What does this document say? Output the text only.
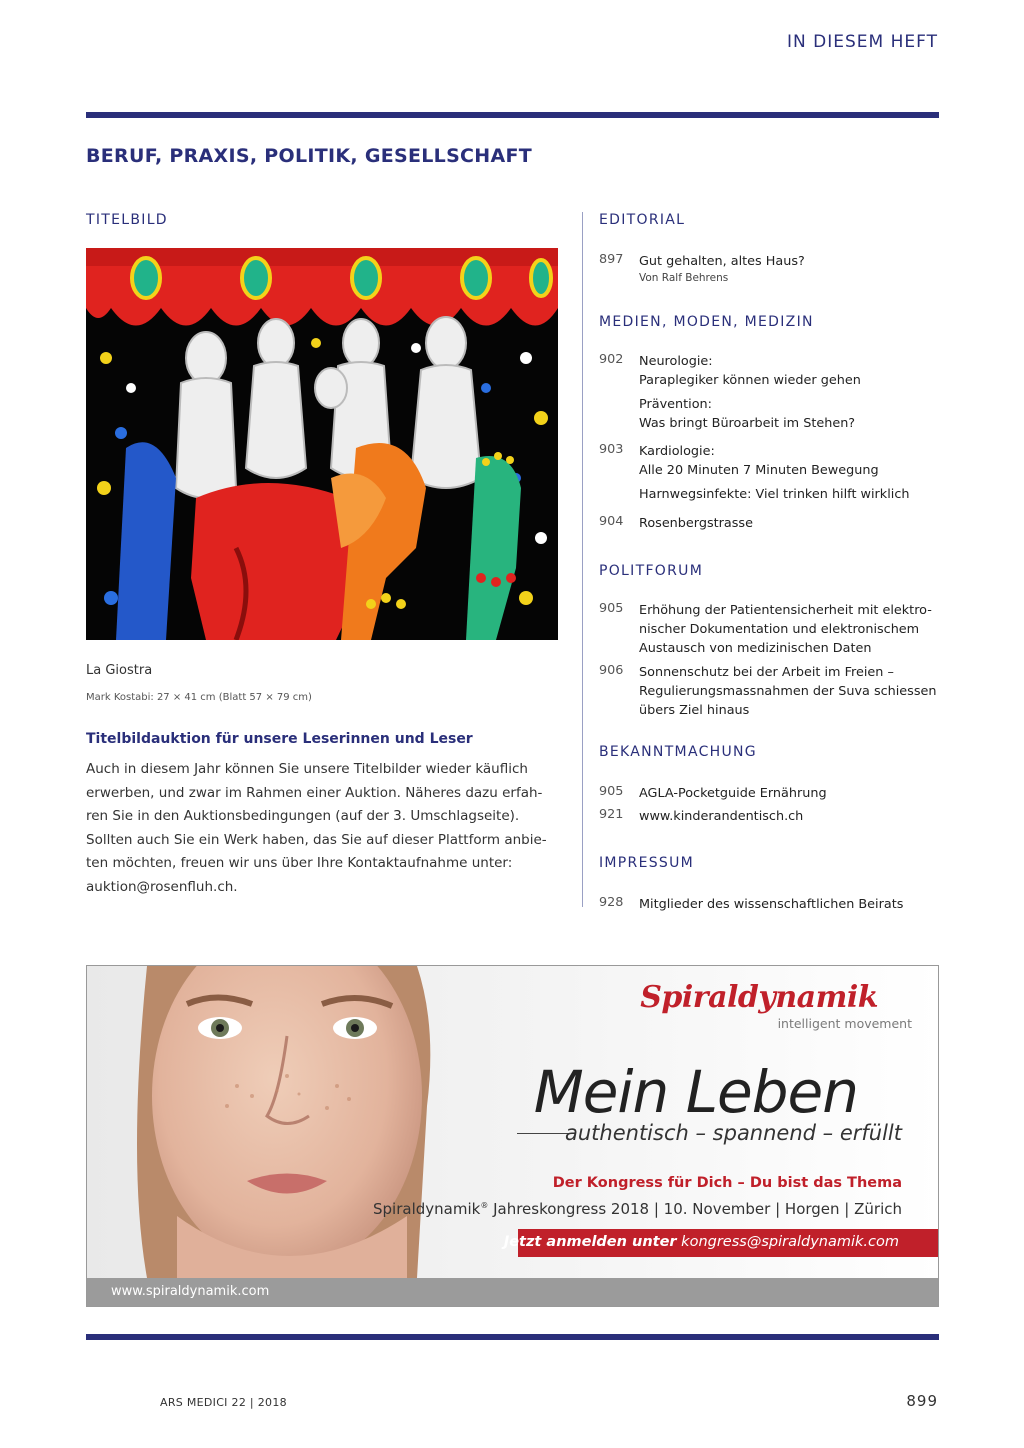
IN DIESEM HEFT
BERUF, PRAXIS, POLITIK, GESELLSCHAFT
TITELBILD
La Giostra
Mark Kostabi: 27 × 41 cm (Blatt 57 × 79 cm)
Titelbildauktion für unsere Leserinnen und Leser
Auch in diesem Jahr können Sie unsere Titelbilder wieder käuflich
erwerben, und zwar im Rahmen einer Auktion. Näheres dazu erfah-
ren Sie in den Auktionsbedingungen (auf der 3. Umschlagseite).
Sollten auch Sie ein Werk haben, das Sie auf dieser Plattform anbie-
ten möchten, freuen wir uns über Ihre Kontaktaufnahme unter:
auktion@rosenfluh.ch.
EDITORIAL
897	Gut gehalten, altes Haus?
Von Ralf Behrens
MEDIEN, MODEN, MEDIZIN
902	Neurologie:
Paraplegiker können wieder gehen
Prävention:
Was bringt Büroarbeit im Stehen?
903	Kardiologie:
Alle 20 Minuten 7 Minuten Bewegung
Harnwegsinfekte: Viel trinken hilft wirklich
904	Rosenbergstrasse
POLITFORUM
905	Erhöhung der Patientensicherheit mit elektro-
nischer Dokumentation und elektronischem
Austausch von medizinischen Daten
906	Sonnenschutz bei der Arbeit im Freien –
Regulierungsmassnahmen der Suva schiessen
übers Ziel hinaus
BEKANNTMACHUNG
905	AGLA-Pocketguide Ernährung
921	www.kinderandentisch.ch
IMPRESSUM
928	Mitglieder des wissenschaftlichen Beirats
Spiraldynamik
intelligent movement
Mein Leben
authentisch – spannend – erfüllt
Der Kongress für Dich – Du bist das Thema
Spiraldynamik® Jahreskongress 2018 | 10. November | Horgen | Zürich
Jetzt anmelden unter kongress@spiraldynamik.com
www.spiraldynamik.com
ARS MEDICI 22 | 2018	899
